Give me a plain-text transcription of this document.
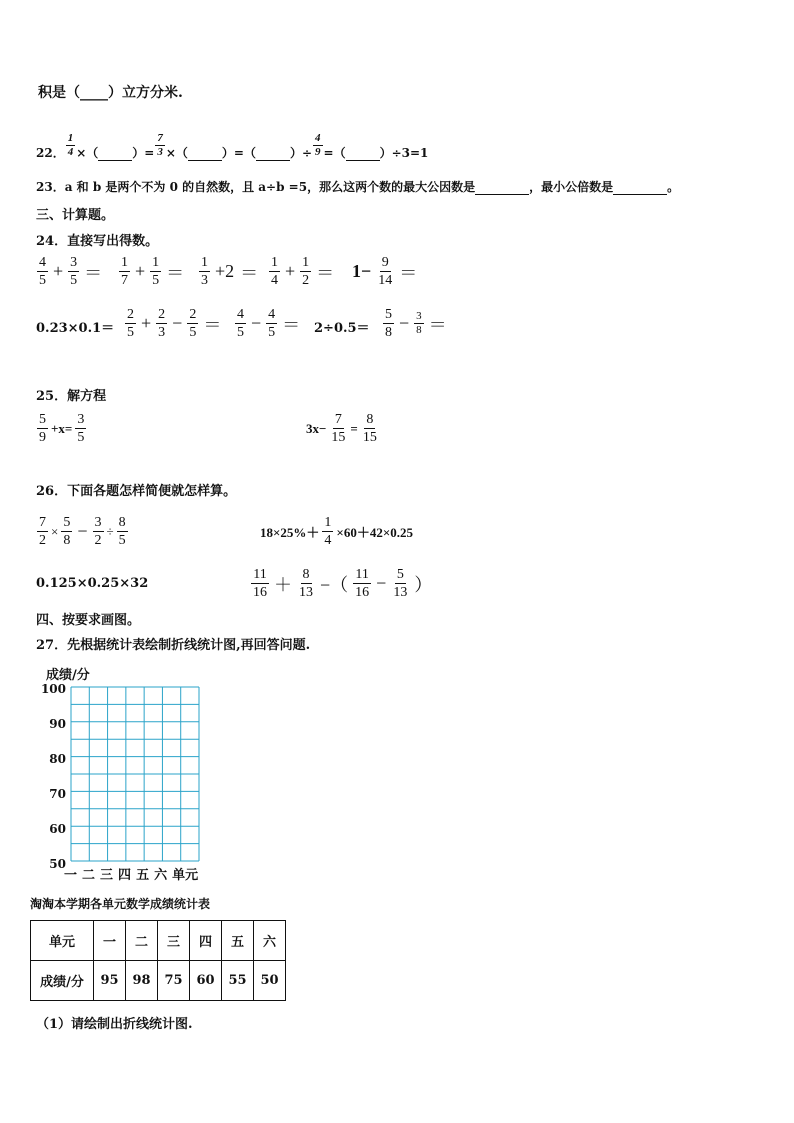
积是（____）立方分米.
22． $\frac{1}{4}$ ×（	）= $\frac{7}{3}$ ×（	）=（	）÷ $\frac{4}{9}$ =（	）÷3=1
23．a 和 b 是两个不为 0 的自然数，且 a÷b =5，那么这两个数的最大公因数是	，最小公倍数是	。
三、计算题。
24．直接写出得数。
$\frac{4}{5} + \frac{3}{5} = \frac{1}{7} + \frac{1}{5} = \frac{1}{3} +2 = \frac{1}{4} + \frac{1}{2} = 1- \frac{9}{14}$ ＝
$0.23\times 0.1= \frac{2}{5} + \frac{2}{3} - \frac{2}{5} = \frac{4}{5} - \frac{4}{5} = 2\div 0.5= \frac{5}{8} - \frac{3}{8}$ ＝
25．解方程
$\frac{5}{9} +x= \frac{3}{5}$	$3x- \frac{7}{15} = \frac{8}{15}$
26．下面各题怎样简便就怎样算。
$\frac{7}{2} \times \frac{5}{8} - \frac{3}{2} \div \frac{8}{5}$	$18\times 25\%+ \frac{1}{4} \times 60+42\times 0.25$
0.125×0.25×32	$\frac{11}{16} + \frac{8}{13}$ −（ $\frac{11}{16} - \frac{5}{13}$ ）
四、按要求画图。
27．先根据统计表绘制折线统计图,再回答问题.
成绩/分
100
90
80
70
60
50
一 二 三 四 五 六 单元
淘淘本学期各单元数学成绩统计表
单元	一	二	三	四	五	六
成绩/分	95	98	75	60	55	50
（1）请绘制出折线统计图.
